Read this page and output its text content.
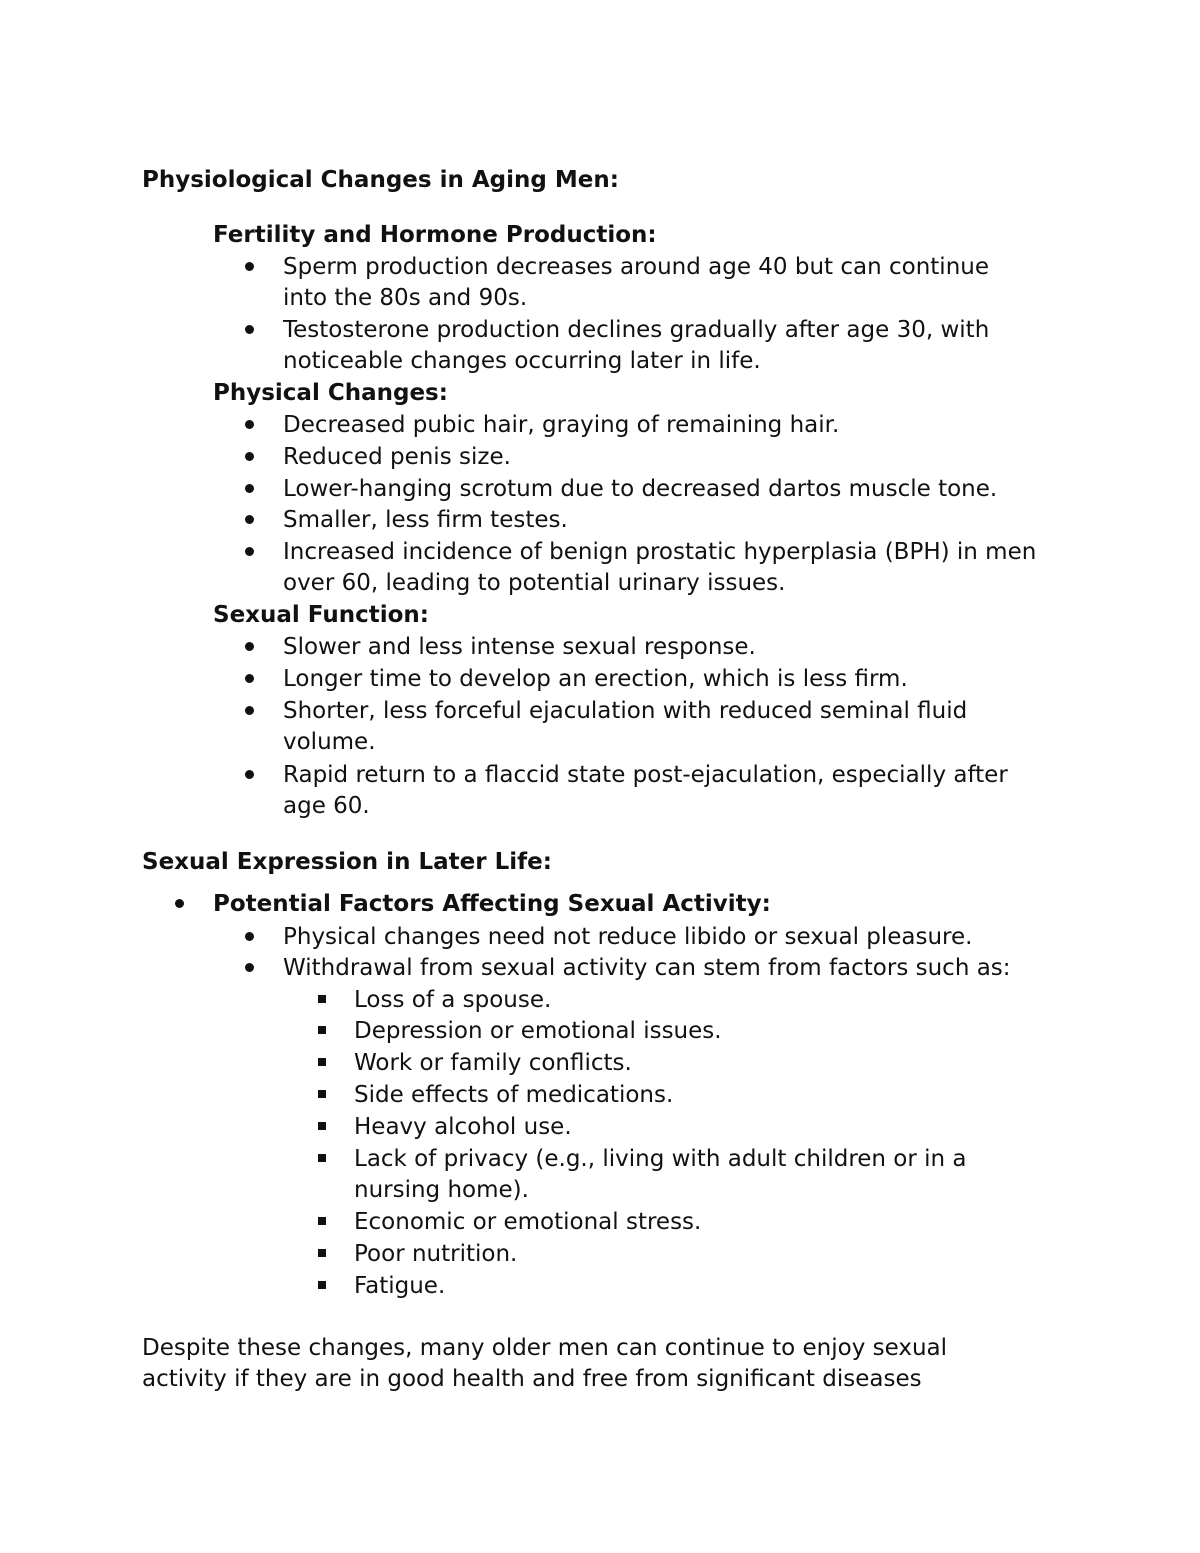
Physiological Changes in Aging Men:
Fertility and Hormone Production:
Sperm production decreases around age 40 but can continue
into the 80s and 90s.
Testosterone production declines gradually after age 30, with
noticeable changes occurring later in life.
Physical Changes:
Decreased pubic hair, graying of remaining hair.
Reduced penis size.
Lower-hanging scrotum due to decreased dartos muscle tone.
Smaller, less firm testes.
Increased incidence of benign prostatic hyperplasia (BPH) in men
over 60, leading to potential urinary issues.
Sexual Function:
Slower and less intense sexual response.
Longer time to develop an erection, which is less firm.
Shorter, less forceful ejaculation with reduced seminal fluid
volume.
Rapid return to a flaccid state post-ejaculation, especially after
age 60.
Sexual Expression in Later Life:
Potential Factors Affecting Sexual Activity:
Physical changes need not reduce libido or sexual pleasure.
Withdrawal from sexual activity can stem from factors such as:
Loss of a spouse.
Depression or emotional issues.
Work or family conflicts.
Side effects of medications.
Heavy alcohol use.
Lack of privacy (e.g., living with adult children or in a
nursing home).
Economic or emotional stress.
Poor nutrition.
Fatigue.
Despite these changes, many older men can continue to enjoy sexual
activity if they are in good health and free from significant diseases
